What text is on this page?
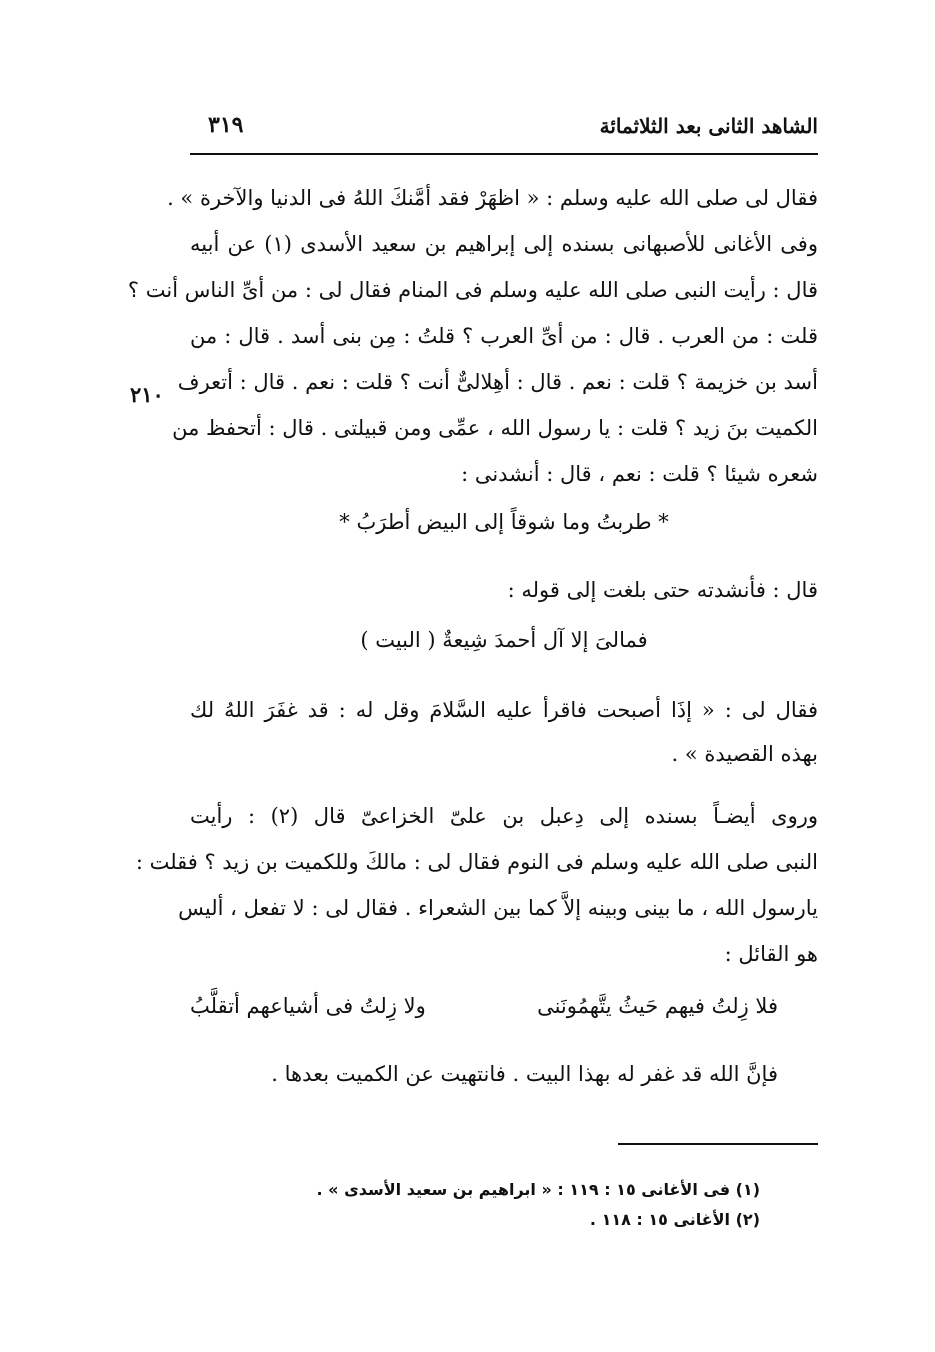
الشاهد الثانى بعد الثلاثمائة
٣١٩
٢١٠
فقال لى صلى الله عليه وسلم : « اظهَرْ فقد أمَّنكَ اللهُ فى الدنيا والآخرة » .
وفى الأغانى للأصبهانى بسنده إلى إبراهيم بن سعيد الأسدى (١) عن أبيه
قال : رأيت النبى صلى الله عليه وسلم فى المنام فقال لى : من أىِّ الناس أنت ؟
قلت : من العرب . قال : من أىِّ العرب ؟ قلتُ : مِن بنى أسد . قال : من
أسد بن خزيمة ؟ قلت : نعم . قال : أهِلالىٌّ أنت ؟ قلت : نعم . قال : أتعرف
الكميت بنَ زيد ؟ قلت : يا رسول الله ، عمِّى ومن قبيلتى . قال : أتحفظ من
شعره شيئا ؟ قلت : نعم ، قال : أنشدنى :
* طربتُ وما شوقاً إلى البيض أطرَبُ *
قال : فأنشدته حتى بلغت إلى قوله :
فمالىَ إلا آل أحمدَ شِيعةٌ ( البيت )
فقال لى : « إذَا أصبحت فاقرأ عليه السَّلامَ وقل له : قد غفَرَ اللهُ لك
بهذه القصيدة » .
وروى أيضـاً بسنده إلى دِعبل بن علىّ الخزاعىّ قال (٢) : رأيت
النبى صلى الله عليه وسلم فى النوم فقال لى : مالكَ وللكميت بن زيد ؟ فقلت :
يارسول الله ، ما بينى وبينه إلاَّ كما بين الشعراء . فقال لى : لا تفعل ، أليس
هو القائل :
فلا زِلتُ فيهم حَيثُ يتَّهمُونَنى
ولا زِلتُ فى أشياعهم أتقلَّبُ
فإنَّ الله قد غفر له بهذا البيت . فانتهيت عن الكميت بعدها .
(١) فى الأغانى ١٥ : ١١٩ : « ابراهيم بن سعيد الأسدى » .
(٢) الأغانى ١٥ : ١١٨ .
